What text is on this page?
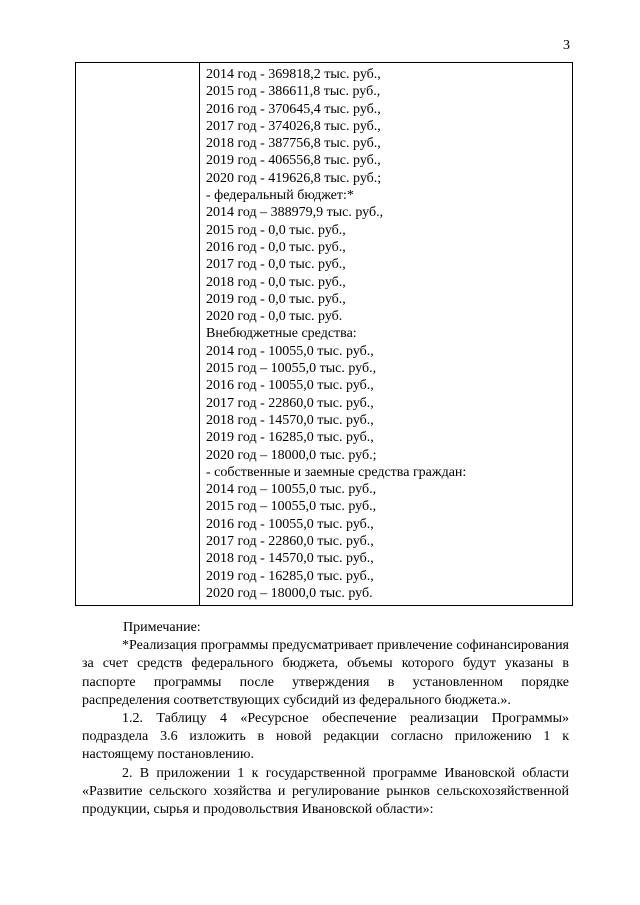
3
2014 год - 369818,2 тыс. руб.,
2015 год - 386611,8 тыс. руб.,
2016 год - 370645,4 тыс. руб.,
2017 год - 374026,8 тыс. руб.,
2018 год - 387756,8 тыс. руб.,
2019 год - 406556,8 тыс. руб.,
2020 год - 419626,8 тыс. руб.;
- федеральный бюджет:*
2014 год – 388979,9 тыс. руб.,
2015 год - 0,0 тыс. руб.,
2016 год - 0,0 тыс. руб.,
2017 год - 0,0 тыс. руб.,
2018 год - 0,0 тыс. руб.,
2019 год - 0,0 тыс. руб.,
2020 год - 0,0 тыс. руб.
Внебюджетные средства:
2014 год - 10055,0 тыс. руб.,
2015 год – 10055,0 тыс. руб.,
2016 год - 10055,0 тыс. руб.,
2017 год - 22860,0 тыс. руб.,
2018 год - 14570,0 тыс. руб.,
2019 год - 16285,0 тыс. руб.,
2020 год – 18000,0 тыс. руб.;
- собственные и заемные средства граждан:
2014 год – 10055,0 тыс. руб.,
2015 год – 10055,0 тыс. руб.,
2016 год - 10055,0 тыс. руб.,
2017 год - 22860,0 тыс. руб.,
2018 год - 14570,0 тыс. руб.,
2019 год - 16285,0 тыс. руб.,
2020 год – 18000,0 тыс. руб.

Примечание:

*Реализация программы предусматривает привлечение софинансирования за счет средств федерального бюджета, объемы которого будут указаны в паспорте программы после утверждения в установленном порядке распределения соответствующих субсидий из федерального бюджета.».

1.2. Таблицу 4 «Ресурсное обеспечение реализации Программы» подраздела 3.6 изложить в новой редакции согласно приложению 1 к настоящему постановлению.

2. В приложении 1 к государственной программе Ивановской области «Развитие сельского хозяйства и регулирование рынков сельскохозяйственной продукции, сырья и продовольствия Ивановской области»:
